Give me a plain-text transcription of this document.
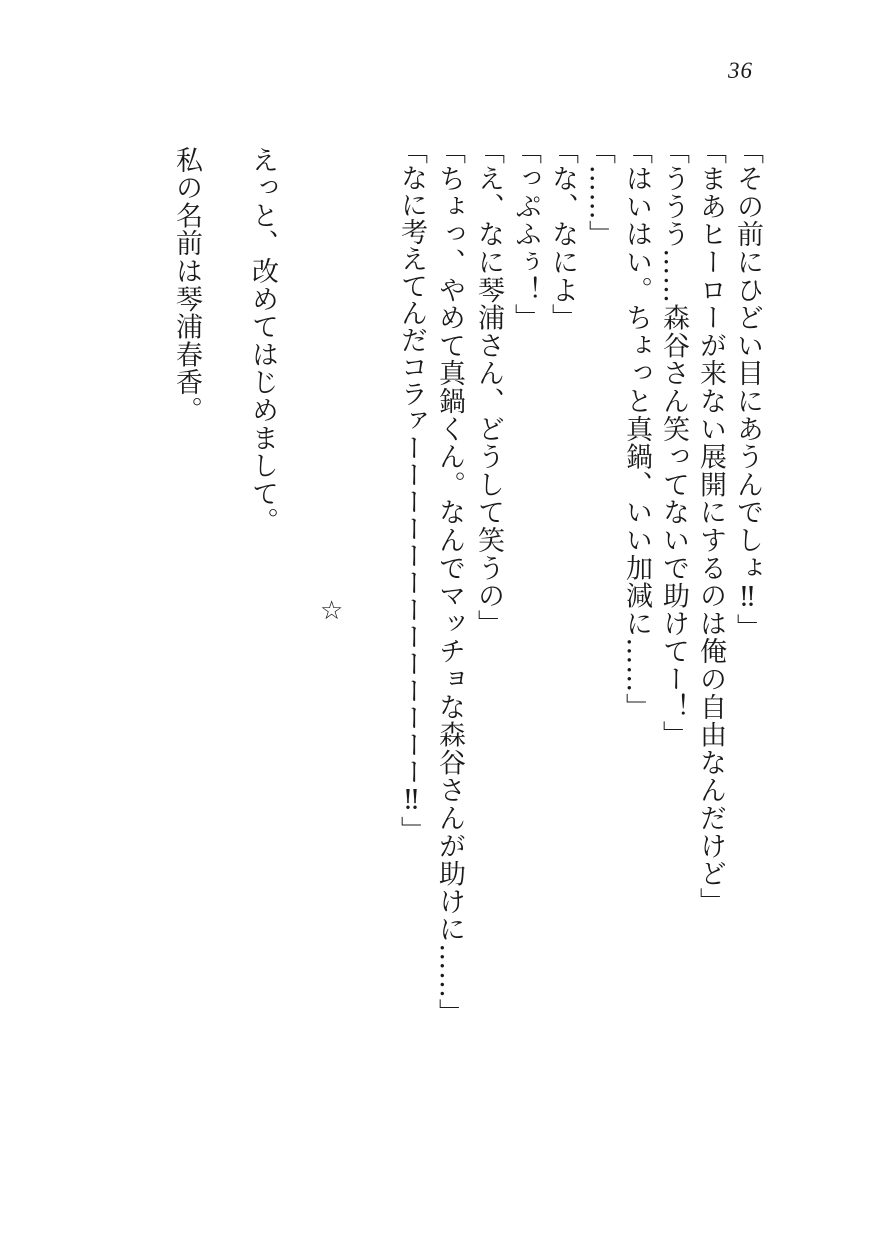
36
「その前にひどい目にあうんでしょ‼︎」
「まあヒーローが来ない展開にするのは俺の自由なんだけど」
「ううう……森谷さん笑ってないで助けてー！」
「はいはい。ちょっと真鍋、いい加減に……」
「……」
「な、なによ」
「っぷふぅ！」
「え、なに琴浦さん、どうして笑うの」
「ちょっ、やめて真鍋くん。なんでマッチョな森谷さんが助けに……」
「なに考えてんだコラァーーーーーーーーーーーーー‼︎」
☆
えっと、改めてはじめまして。
私の名前は琴浦春香。
